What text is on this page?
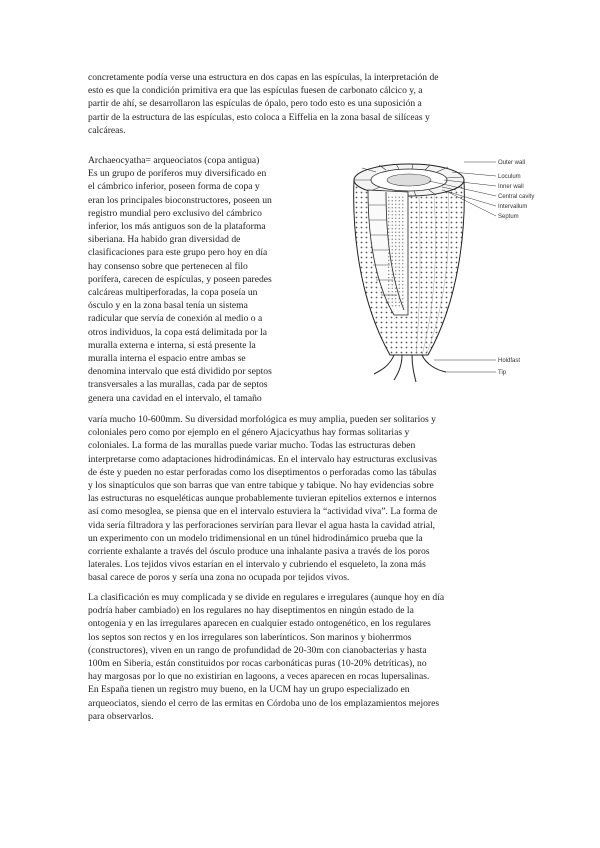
concretamente podía verse una estructura en dos capas en las espículas, la interpretación de
esto es que la condición primitiva era que las espículas fuesen de carbonato cálcico y, a
partir de ahí, se desarrollaron las espículas de ópalo, pero todo esto es una suposición a
partir de la estructura de las espículas, esto coloca a Eiffelia en la zona basal de silíceas y
calcáreas.
Archaeocyatha= arqueociatos (copa antigua)
Es un grupo de poríferos muy diversificado en
el cámbrico inferior, poseen forma de copa y
eran los principales bioconstructores, poseen un
registro mundial pero exclusivo del cámbrico
inferior, los más antiguos son de la plataforma
siberiana. Ha habido gran diversidad de
clasificaciones para este grupo pero hoy en día
hay consenso sobre que pertenecen al filo
porífera, carecen de espículas, y poseen paredes
calcáreas multiperforadas, la copa poseía un
ósculo y en la zona basal tenía un sistema
radicular que servía de conexión al medio o a
otros individuos, la copa está delimitada por la
muralla externa e interna, si está presente la
muralla interna el espacio entre ambas se
denomina intervalo que está dividido por septos
transversales a las murallas, cada par de septos
genera una cavidad en el intervalo, el tamaño
Outer wall
Loculum
Inner wall
Central cavity
Intervallum
Septum
Holdfast
Tip
varía mucho 10-600mm. Su diversidad morfológica es muy amplia, pueden ser solitarios y
coloniales pero como por ejemplo en el género Ajacicyathus hay formas solitarias y
coloniales. La forma de las murallas puede variar mucho. Todas las estructuras deben
interpretarse como adaptaciones hidrodinámicas. En el intervalo hay estructuras exclusivas
de éste y pueden no estar perforadas como los diseptimentos o perforadas como las tábulas
y los sinaptículos que son barras que van entre tabique y tabique. No hay evidencias sobre
las estructuras no esqueléticas aunque probablemente tuvieran epitelios externos e internos
así como mesoglea, se piensa que en el intervalo estuviera la “actividad viva”. La forma de
vida sería filtradora y las perforaciones servirían para llevar el agua hasta la cavidad atrial,
un experimento con un modelo tridimensional en un túnel hidrodinámico prueba que la
corriente exhalante a través del ósculo produce una inhalante pasiva a través de los poros
laterales. Los tejidos vivos estarían en el intervalo y cubriendo el esqueleto, la zona más
basal carece de poros y sería una zona no ocupada por tejidos vivos.
La clasificación es muy complicada y se divide en regulares e irregulares (aunque hoy en día
podría haber cambiado) en los regulares no hay diseptimentos en ningún estado de la
ontogenia y en las irregulares aparecen en cualquier estado ontogenético, en los regulares
los septos son rectos y en los irregulares son laberínticos. Son marinos y bioherrmos
(constructores), viven en un rango de profundidad de 20-30m con cianobacterias y hasta
100m en Siberia, están constituidos por rocas carbonáticas puras (10-20% detríticas), no
hay margosas por lo que no existirían en lagoons, a veces aparecen en rocas lupersalinas.
En España tienen un registro muy bueno, en la UCM hay un grupo especializado en
arqueociatos, siendo el cerro de las ermitas en Córdoba uno de los emplazamientos mejores
para observarlos.
